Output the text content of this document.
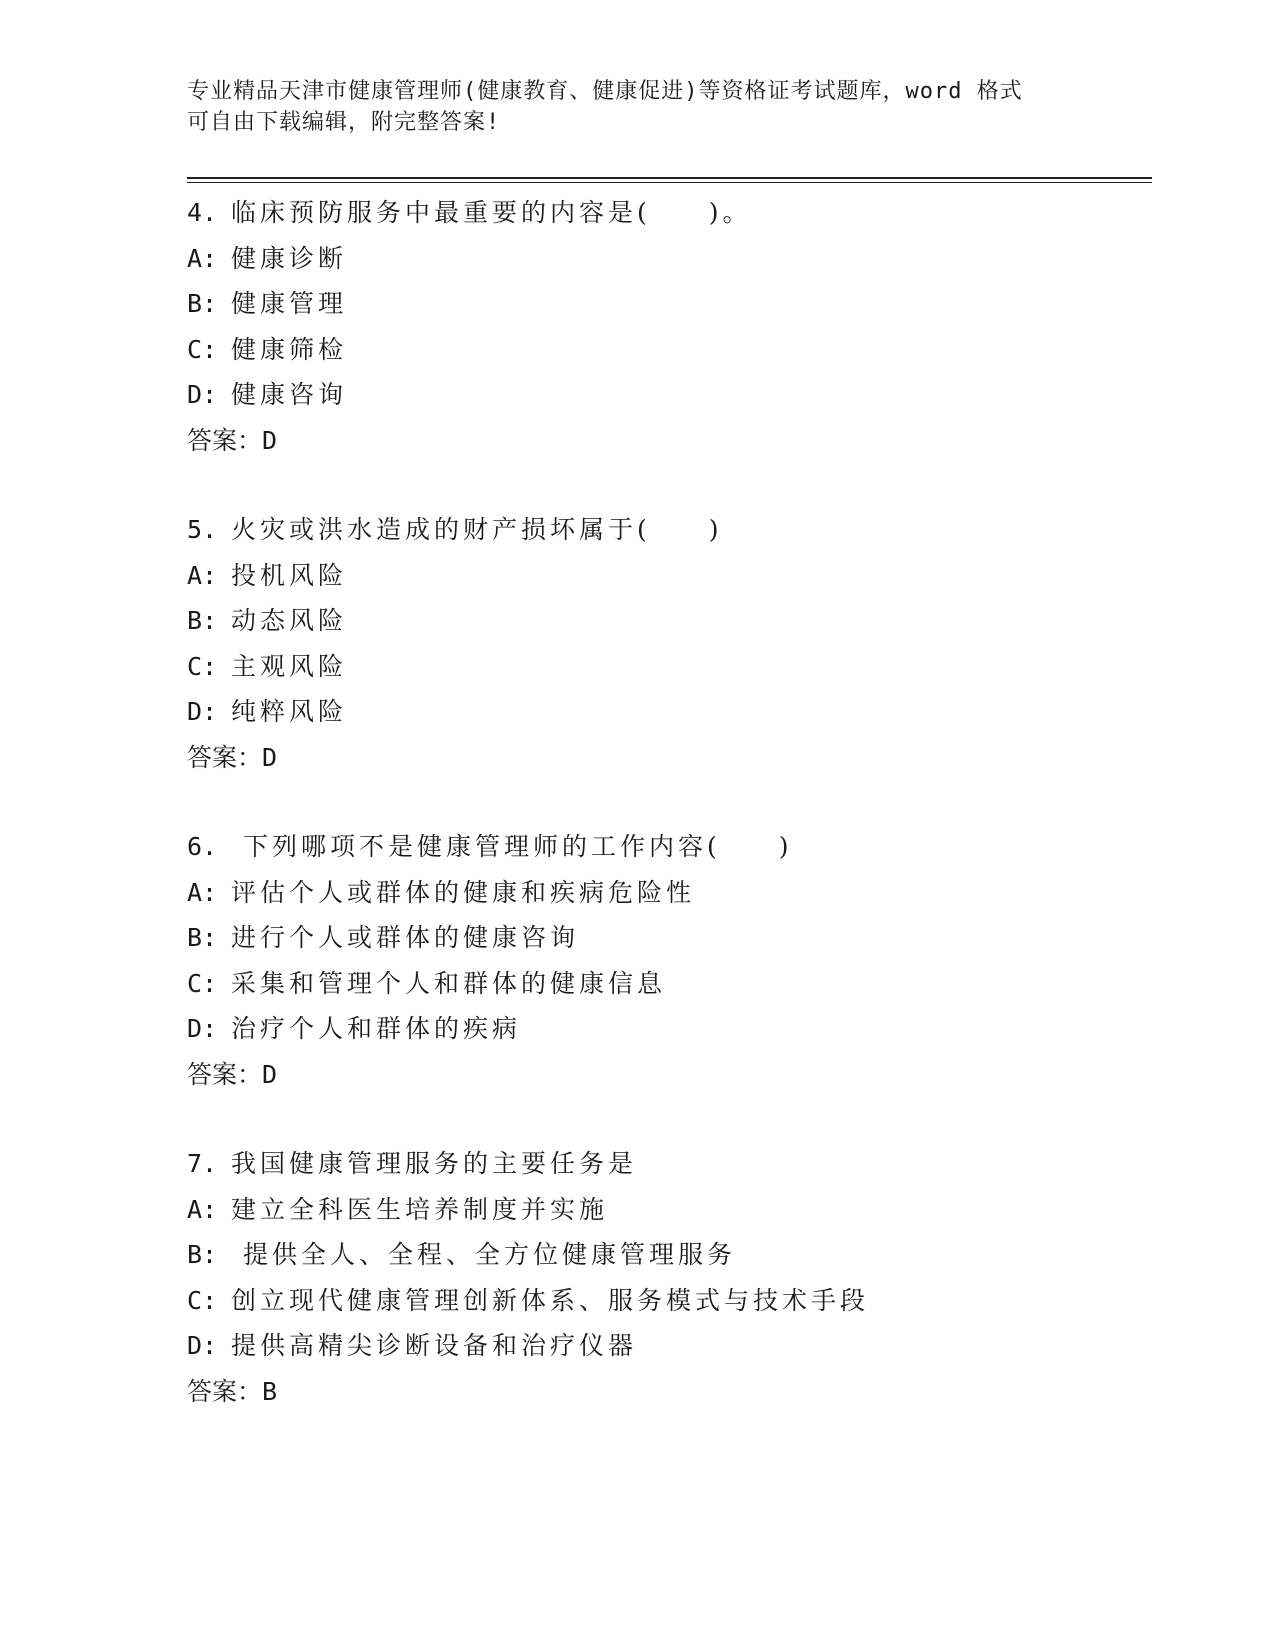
专业精品天津市健康管理师(健康教育、健康促进)等资格证考试题库，word 格式
可自由下载编辑，附完整答案!
4. 临床预防服务中最重要的内容是(　　)。
A: 健康诊断
B: 健康管理
C: 健康筛检
D: 健康咨询
答案：D
5. 火灾或洪水造成的财产损坏属于(　　)
A: 投机风险
B: 动态风险
C: 主观风险
D: 纯粹风险
答案：D
6. 下列哪项不是健康管理师的工作内容(　　)
A: 评估个人或群体的健康和疾病危险性
B: 进行个人或群体的健康咨询
C: 采集和管理个人和群体的健康信息
D: 治疗个人和群体的疾病
答案：D
7. 我国健康管理服务的主要任务是
A: 建立全科医生培养制度并实施
B: 提供全人、全程、全方位健康管理服务
C: 创立现代健康管理创新体系、服务模式与技术手段
D: 提供高精尖诊断设备和治疗仪器
答案：B
